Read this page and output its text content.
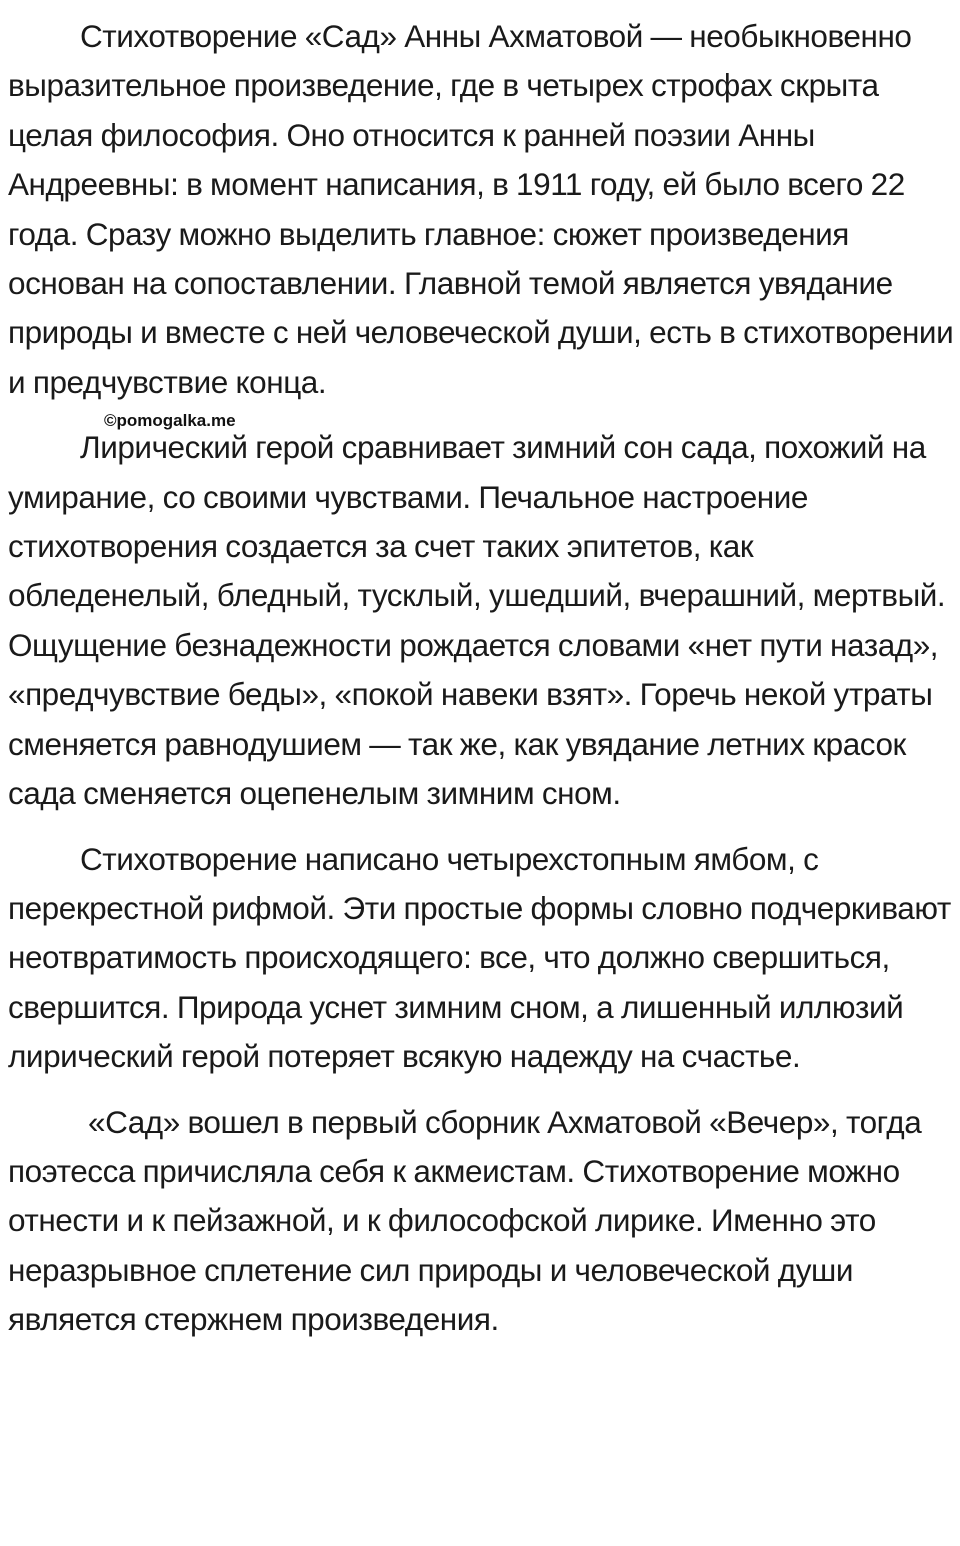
Стихотворение «Сад» Анны Ахматовой — необыкновенно выразительное произведение, где в четырех строфах скрыта целая философия. Оно относится к ранней поэзии Анны Андреевны: в момент написания, в 1911 году, ей было всего 22 года. Сразу можно выделить главное: сюжет произведения основан на сопоставлении. Главной темой является увядание природы и вместе с ней человеческой души, есть в стихотворении и предчувствие конца.

Лирический герой сравнивает зимний сон сада, похожий на умирание, со своими чувствами. Печальное настроение стихотворения создается за счет таких эпитетов, как обледенелый, бледный, тусклый, ушедший, вчерашний, мертвый. Ощущение безнадежности рождается словами «нет пути назад», «предчувствие беды», «покой навеки взят». Горечь некой утраты сменяется равнодушием — так же, как увядание летних красок сада сменяется оцепенелым зимним сном.

Стихотворение написано четырехстопным ямбом, с перекрестной рифмой. Эти простые формы словно подчеркивают неотвратимость происходящего: все, что должно свершиться, свершится. Природа уснет зимним сном, а лишенный иллюзий лирический герой потеряет всякую надежду на счастье.

«Сад» вошел в первый сборник Ахматовой «Вечер», тогда поэтесса причисляла себя к акмеистам. Стихотворение можно отнести и к пейзажной, и к философской лирике. Именно это неразрывное сплетение сил природы и человеческой души является стержнем произведения.

©pomogalka.me
